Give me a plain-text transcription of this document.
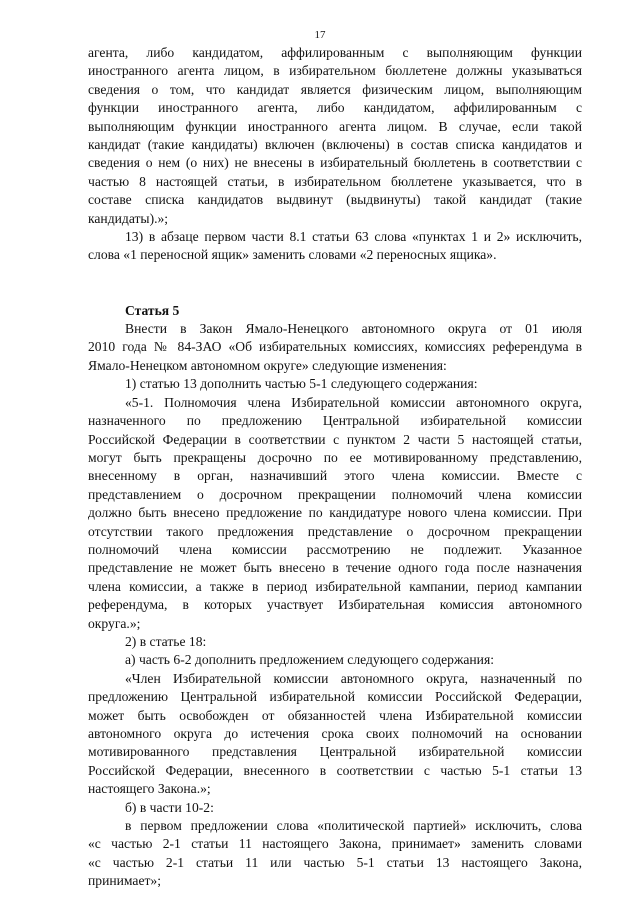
17

агента, либо кандидатом, аффилированным с выполняющим функции

иностранного агента лицом, в избирательном бюллетене должны указываться

сведения о том, что кандидат является физическим лицом, выполняющим

функции иностранного агента, либо кандидатом, аффилированным с

выполняющим функции иностранного агента лицом. В случае, если такой

кандидат (такие кандидаты) включен (включены) в состав списка кандидатов и

сведения о нем (о них) не внесены в избирательный бюллетень в соответствии с

частью 8 настоящей статьи, в избирательном бюллетене указывается, что в

составе списка кандидатов выдвинут (выдвинуты) такой кандидат (такие

кандидаты).»;

13) в абзаце первом части 8.1 статьи 63 слова «пунктах 1 и 2» исключить,

слова «1 переносной ящик» заменить словами «2 переносных ящика».

Статья 5

Внести в Закон Ямало-Ненецкого автономного округа от 01 июля

2010 года № 84-ЗАО «Об избирательных комиссиях, комиссиях референдума в

Ямало-Ненецком автономном округе» следующие изменения:

1) статью 13 дополнить частью 5-1 следующего содержания:

«5-1. Полномочия члена Избирательной комиссии автономного округа,

назначенного по предложению Центральной избирательной комиссии

Российской Федерации в соответствии с пунктом 2 части 5 настоящей статьи,

могут быть прекращены досрочно по ее мотивированному представлению,

внесенному в орган, назначивший этого члена комиссии. Вместе с

представлением о досрочном прекращении полномочий члена комиссии

должно быть внесено предложение по кандидатуре нового члена комиссии. При

отсутствии такого предложения представление о досрочном прекращении

полномочий члена комиссии рассмотрению не подлежит. Указанное

представление не может быть внесено в течение одного года после назначения

члена комиссии, а также в период избирательной кампании, период кампании

референдума, в которых участвует Избирательная комиссия автономного

округа.»;

2) в статье 18:

а) часть 6-2 дополнить предложением следующего содержания:

«Член Избирательной комиссии автономного округа, назначенный по

предложению Центральной избирательной комиссии Российской Федерации,

может быть освобожден от обязанностей члена Избирательной комиссии

автономного округа до истечения срока своих полномочий на основании

мотивированного представления Центральной избирательной комиссии

Российской Федерации, внесенного в соответствии с частью 5-1 статьи 13

настоящего Закона.»;

б) в части 10-2:

в первом предложении слова «политической партией» исключить, слова

«с частью 2-1 статьи 11 настоящего Закона, принимает» заменить словами

«с частью 2-1 статьи 11 или частью 5-1 статьи 13 настоящего Закона,

принимает»;
